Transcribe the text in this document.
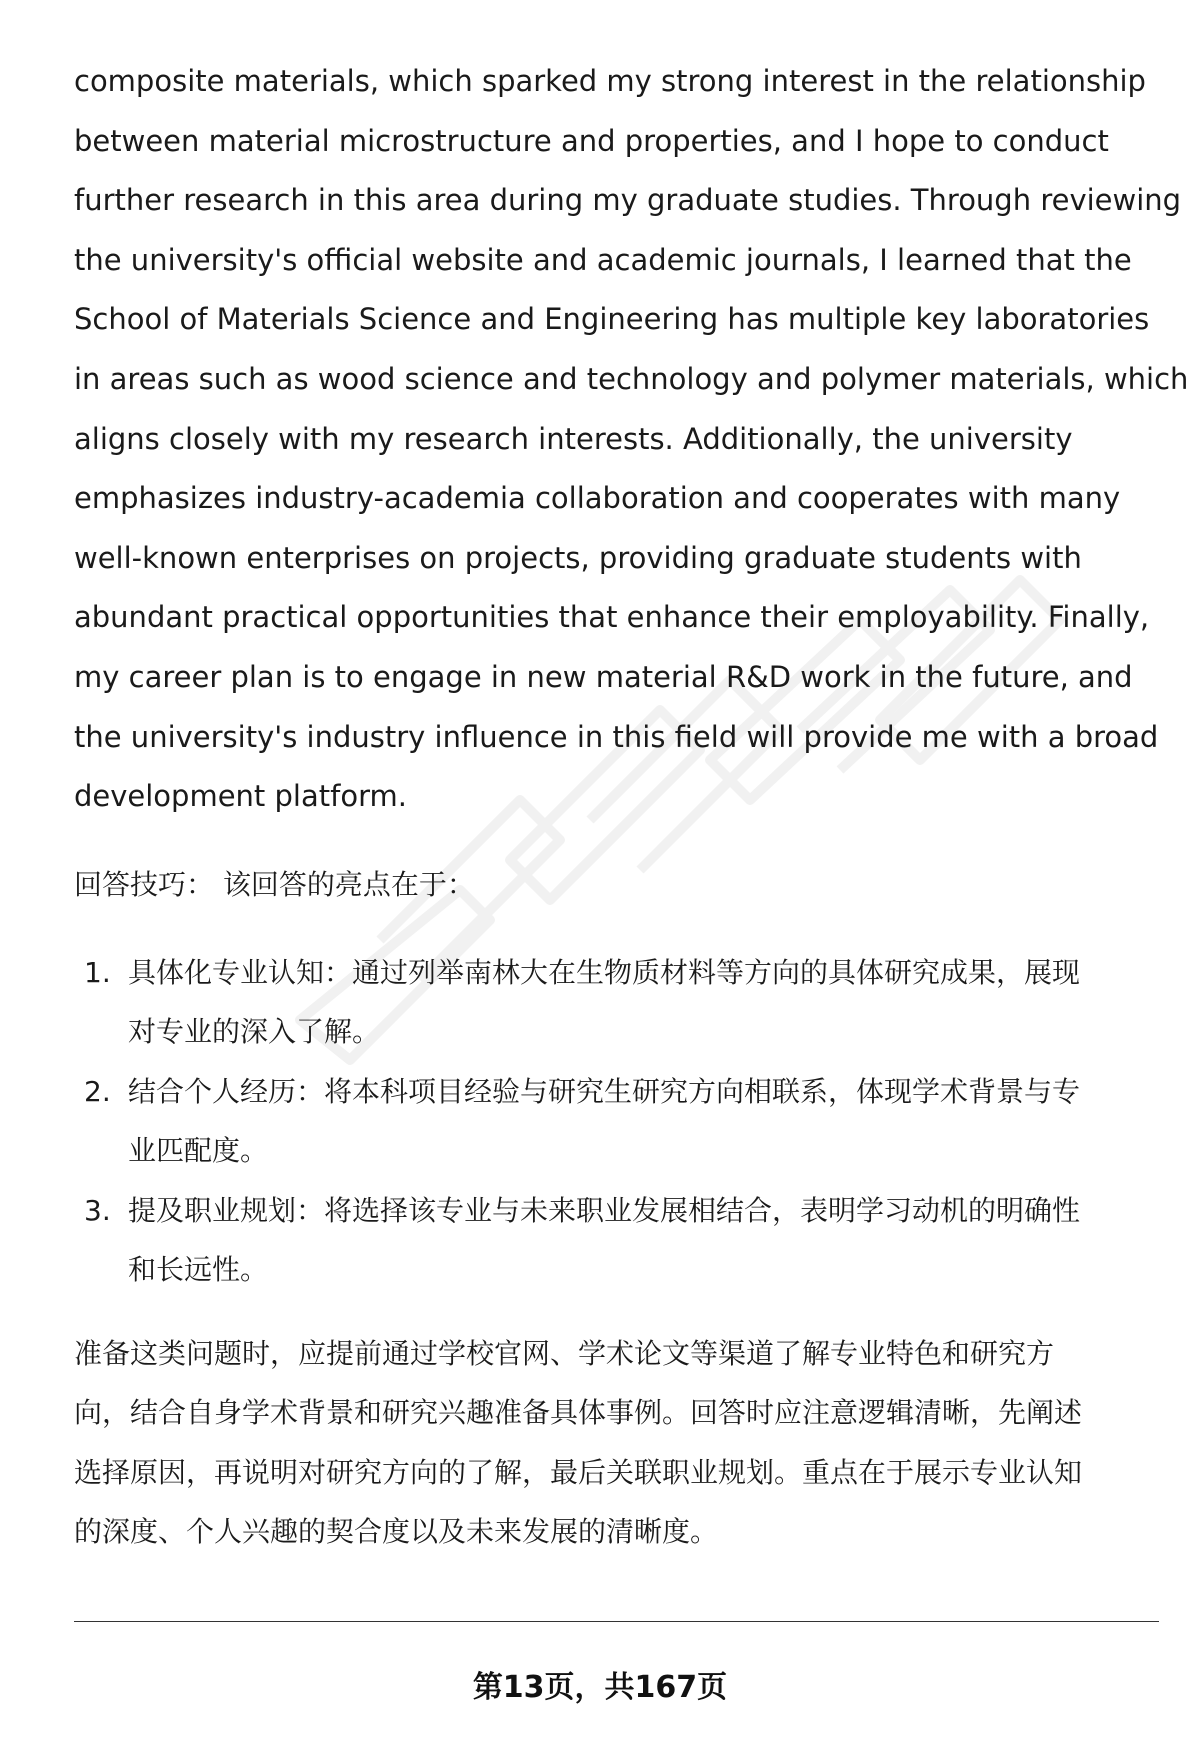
composite materials, which sparked my strong interest in the relationship
between material microstructure and properties, and I hope to conduct
further research in this area during my graduate studies. Through reviewing
the university's official website and academic journals, I learned that the
School of Materials Science and Engineering has multiple key laboratories
in areas such as wood science and technology and polymer materials, which
aligns closely with my research interests. Additionally, the university
emphasizes industry-academia collaboration and cooperates with many
well-known enterprises on projects, providing graduate students with
abundant practical opportunities that enhance their employability. Finally,
my career plan is to engage in new material R&D work in the future, and
the university's industry influence in this field will provide me with a broad
development platform.

回答技巧： 该回答的亮点在于：

1. 具体化专业认知：通过列举南林大在生物质材料等方向的具体研究成果，展现
对专业的深入了解。
2. 结合个人经历：将本科项目经验与研究生研究方向相联系，体现学术背景与专
业匹配度。
3. 提及职业规划：将选择该专业与未来职业发展相结合，表明学习动机的明确性
和长远性。
准备这类问题时，应提前通过学校官网、学术论文等渠道了解专业特色和研究方
向，结合自身学术背景和研究兴趣准备具体事例。回答时应注意逻辑清晰，先阐述
选择原因，再说明对研究方向的了解，最后关联职业规划。重点在于展示专业认知
的深度、个人兴趣的契合度以及未来发展的清晰度。
第13页，共167页
